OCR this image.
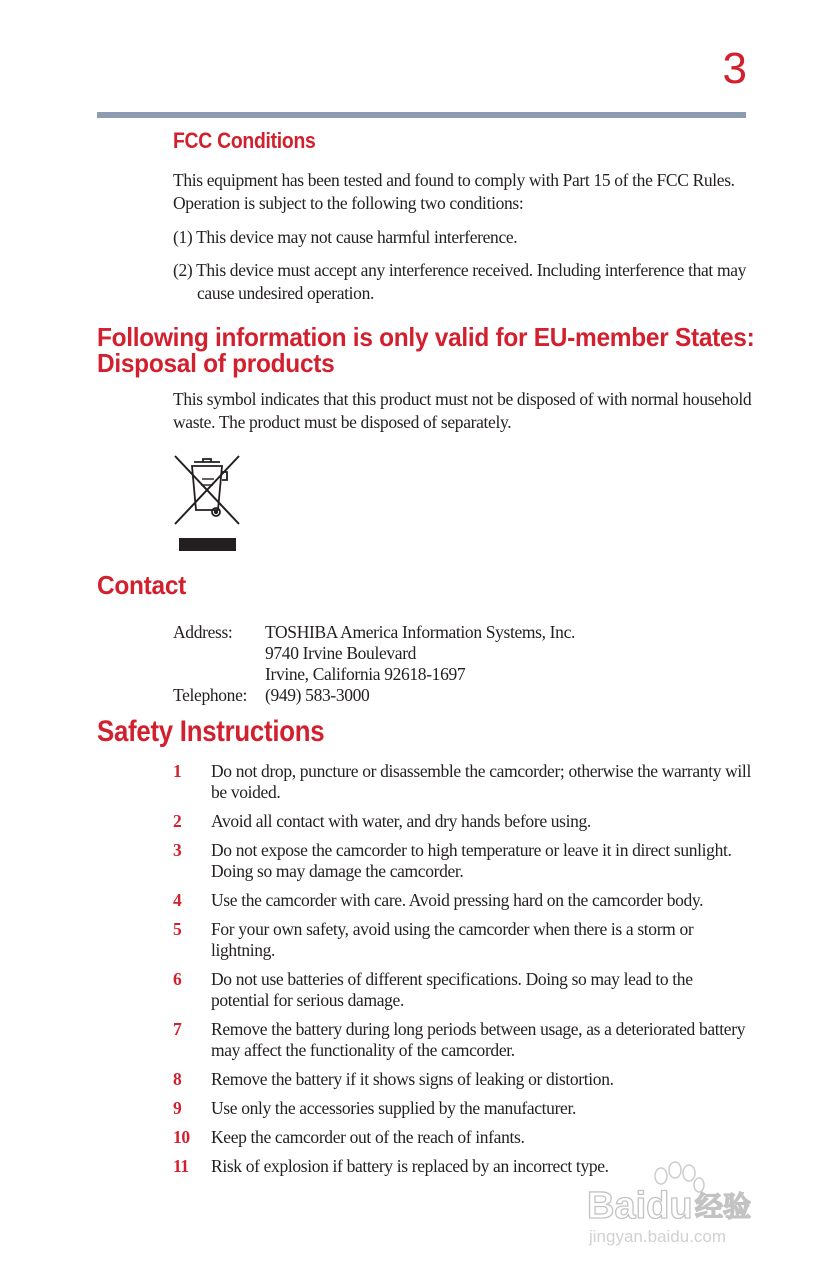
3
FCC Conditions

This equipment has been tested and found to comply with Part 15 of the FCC Rules. Operation is subject to the following two conditions:

(1) This device may not cause harmful interference.

(2) This device must accept any interference received. Including interference that may cause undesired operation.

Following information is only valid for EU-member States:
Disposal of products

This symbol indicates that this product must not be disposed of with normal household waste. The product must be disposed of separately.

Contact
Address: TOSHIBA America Information Systems, Inc.
9740 Irvine Boulevard
Irvine, California 92618-1697
Telephone: (949) 583-3000
Safety Instructions
1 Do not drop, puncture or disassemble the camcorder; otherwise the warranty will be voided.
2 Avoid all contact with water, and dry hands before using.
3 Do not expose the camcorder to high temperature or leave it in direct sunlight. Doing so may damage the camcorder.
4 Use the camcorder with care. Avoid pressing hard on the camcorder body.
5 For your own safety, avoid using the camcorder when there is a storm or lightning.
6 Do not use batteries of different specifications. Doing so may lead to the potential for serious damage.
7 Remove the battery during long periods between usage, as a deteriorated battery may affect the functionality of the camcorder.
8 Remove the battery if it shows signs of leaking or distortion.
9 Use only the accessories supplied by the manufacturer.
10 Keep the camcorder out of the reach of infants.
11 Risk of explosion if battery is replaced by an incorrect type.
Baidu 经验
jingyan.baidu.com
